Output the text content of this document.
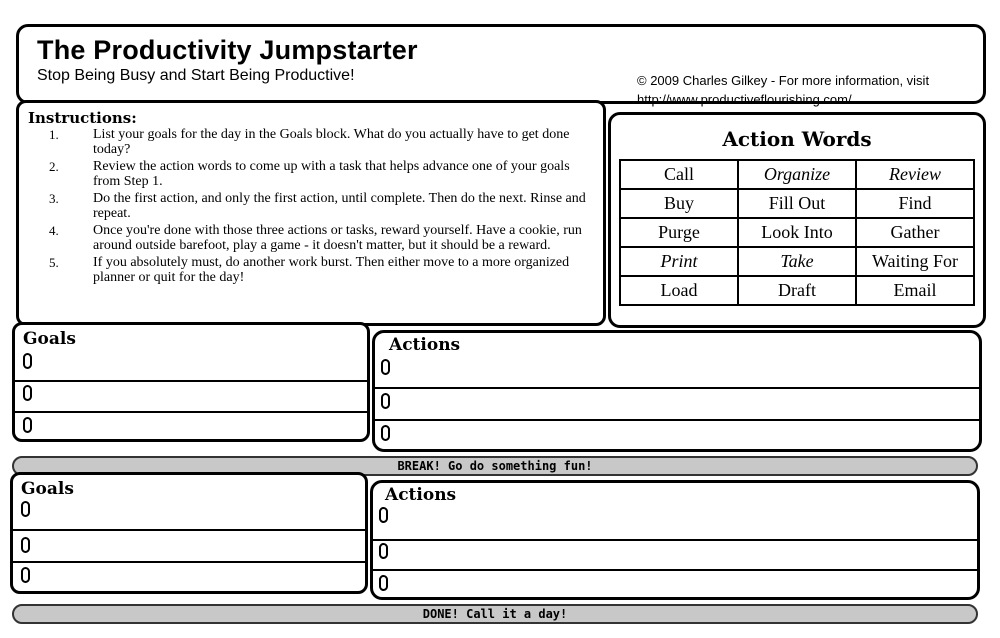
The Productivity Jumpstarter
Stop Being Busy and Start Being Productive!	© 2009 Charles Gilkey - For more information, visit
http://www.productiveflourishing.com/
Instructions:
1. List your goals for the day in the Goals block. What do you actually have to get done today?
2. Review the action words to come up with a task that helps advance one of your goals from Step 1.
3. Do the first action, and only the first action, until complete. Then do the next. Rinse and repeat.
4. Once you're done with those three actions or tasks, reward yourself. Have a cookie, run around outside barefoot, play a game - it doesn't matter, but it should be a reward.
5. If you absolutely must, do another work burst. Then either move to a more organized planner or quit for the day!
Action Words
Call	Organize	Review
Buy	Fill Out	Find
Purge	Look Into	Gather
Print	Take	Waiting For
Load	Draft	Email
Goals	Actions
BREAK! Go do something fun!
Goals	Actions
DONE! Call it a day!
